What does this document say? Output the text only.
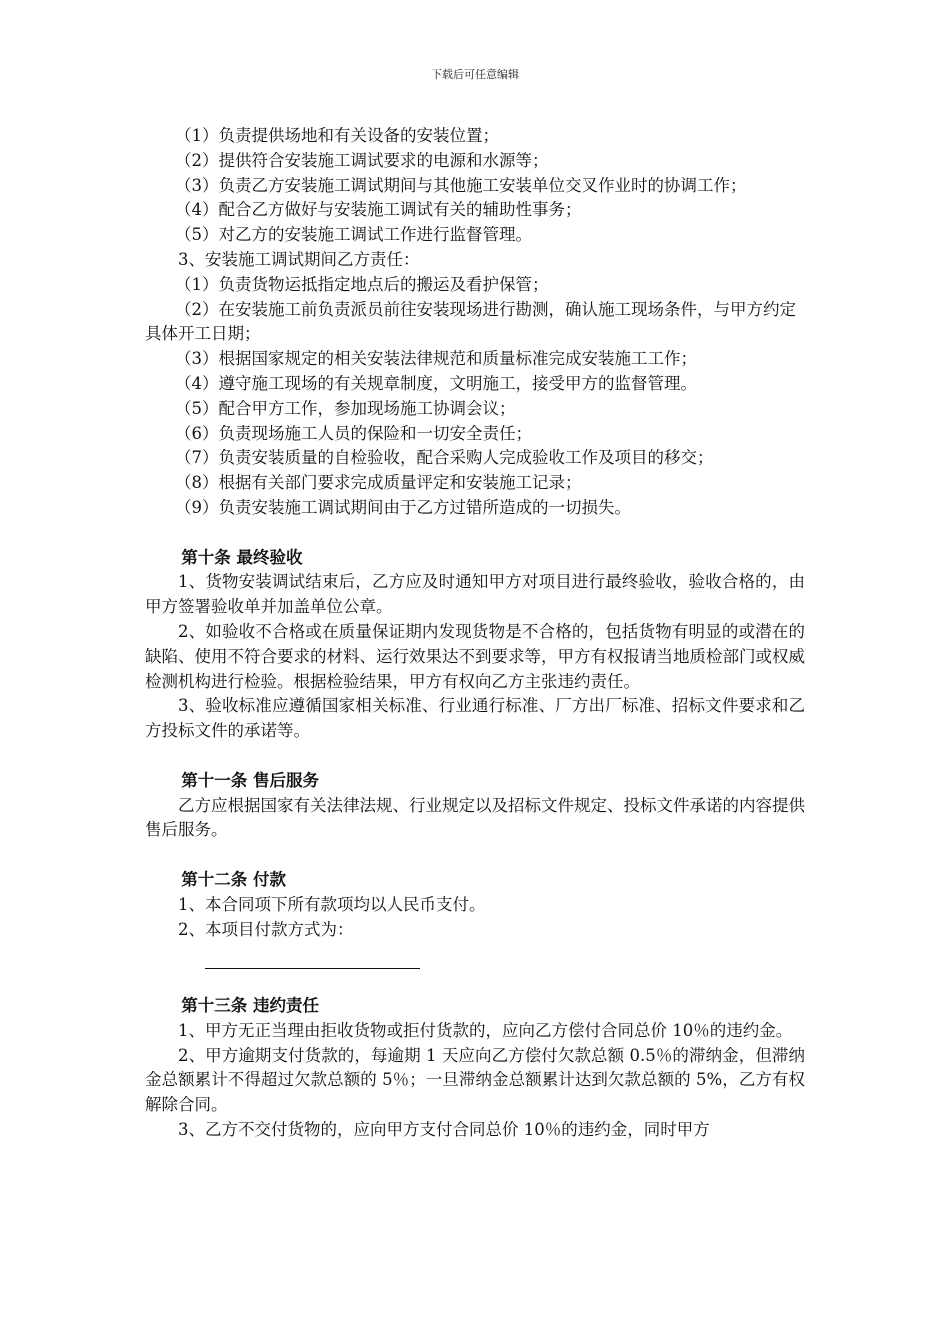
下载后可任意编辑

（1）负责提供场地和有关设备的安装位置；

（2）提供符合安装施工调试要求的电源和水源等；

（3）负责乙方安装施工调试期间与其他施工安装单位交叉作业时的协调工作；

（4）配合乙方做好与安装施工调试有关的辅助性事务；

（5）对乙方的安装施工调试工作进行监督管理。

3、安装施工调试期间乙方责任：

（1）负责货物运抵指定地点后的搬运及看护保管；

（2）在安装施工前负责派员前往安装现场进行勘测，确认施工现场条件，与甲方约定具体开工日期；

（3）根据国家规定的相关安装法律规范和质量标准完成安装施工工作；

（4）遵守施工现场的有关规章制度，文明施工，接受甲方的监督管理。

（5）配合甲方工作，参加现场施工协调会议；

（6）负责现场施工人员的保险和一切安全责任；

（7）负责安装质量的自检验收，配合采购人完成验收工作及项目的移交；

（8）根据有关部门要求完成质量评定和安装施工记录；

（9）负责安装施工调试期间由于乙方过错所造成的一切损失。

第十条 最终验收

1、货物安装调试结束后，乙方应及时通知甲方对项目进行最终验收，验收合格的，由甲方签署验收单并加盖单位公章。

2、如验收不合格或在质量保证期内发现货物是不合格的，包括货物有明显的或潜在的缺陷、使用不符合要求的材料、运行效果达不到要求等，甲方有权报请当地质检部门或权威检测机构进行检验。根据检验结果，甲方有权向乙方主张违约责任。

3、验收标准应遵循国家相关标准、行业通行标准、厂方出厂标准、招标文件要求和乙方投标文件的承诺等。

第十一条 售后服务

乙方应根据国家有关法律法规、行业规定以及招标文件规定、投标文件承诺的内容提供售后服务。

第十二条 付款

1、本合同项下所有款项均以人民币支付。

2、本项目付款方式为：

第十三条 违约责任

1、甲方无正当理由拒收货物或拒付货款的，应向乙方偿付合同总价 10％的违约金。

2、甲方逾期支付货款的，每逾期 1 天应向乙方偿付欠款总额 0.5％的滞纳金，但滞纳金总额累计不得超过欠款总额的 5％；一旦滞纳金总额累计达到欠款总额的 5%，乙方有权解除合同。

3、乙方不交付货物的，应向甲方支付合同总价 10％的违约金，同时甲方
